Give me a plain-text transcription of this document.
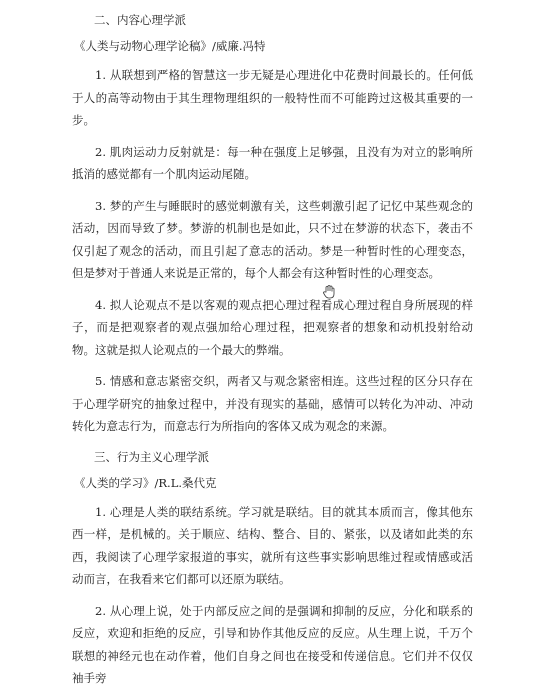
二、内容心理学派
《人类与动物心理学论稿》/威廉.冯特

1. 从联想到严格的智慧这一步无疑是心理进化中花费时间最长的。任何低于人的高等动物由于其生理物理组织的一般特性而不可能跨过这极其重要的一步。

2. 肌肉运动力反射就是：每一种在强度上足够强，且没有为对立的影响所抵消的感觉都有一个肌肉运动尾随。

3. 梦的产生与睡眠时的感觉刺激有关，这些刺激引起了记忆中某些观念的活动，因而导致了梦。梦游的机制也是如此，只不过在梦游的状态下，袭击不仅引起了观念的活动，而且引起了意志的活动。梦是一种暂时性的心理变态，但是梦对于普通人来说是正常的，每个人都会有这种暂时性的心理变态。

4. 拟人论观点不是以客观的观点把心理过程看成心理过程自身所展现的样子，而是把观察者的观点强加给心理过程，把观察者的想象和动机投射给动物。这就是拟人论观点的一个最大的弊端。

5. 情感和意志紧密交织，两者又与观念紧密相连。这些过程的区分只存在于心理学研究的抽象过程中，并没有现实的基础，感情可以转化为冲动、冲动转化为意志行为，而意志行为所指向的客体又成为观念的来源。

三、行为主义心理学派
《人类的学习》/R.L.桑代克

1. 心理是人类的联结系统。学习就是联结。目的就其本质而言，像其他东西一样，是机械的。关于顺应、结构、整合、目的、紧张，以及诸如此类的东西，我阅读了心理学家报道的事实，就所有这些事实影响思维过程或情感或活动而言，在我看来它们都可以还原为联结。

2. 从心理上说，处于内部反应之间的是强调和抑制的反应，分化和联系的反应，欢迎和拒绝的反应，引导和协作其他反应的反应。从生理上说，千万个联想的神经元也在动作着，他们自身之间也在接受和传递信息。它们并不仅仅袖手旁
